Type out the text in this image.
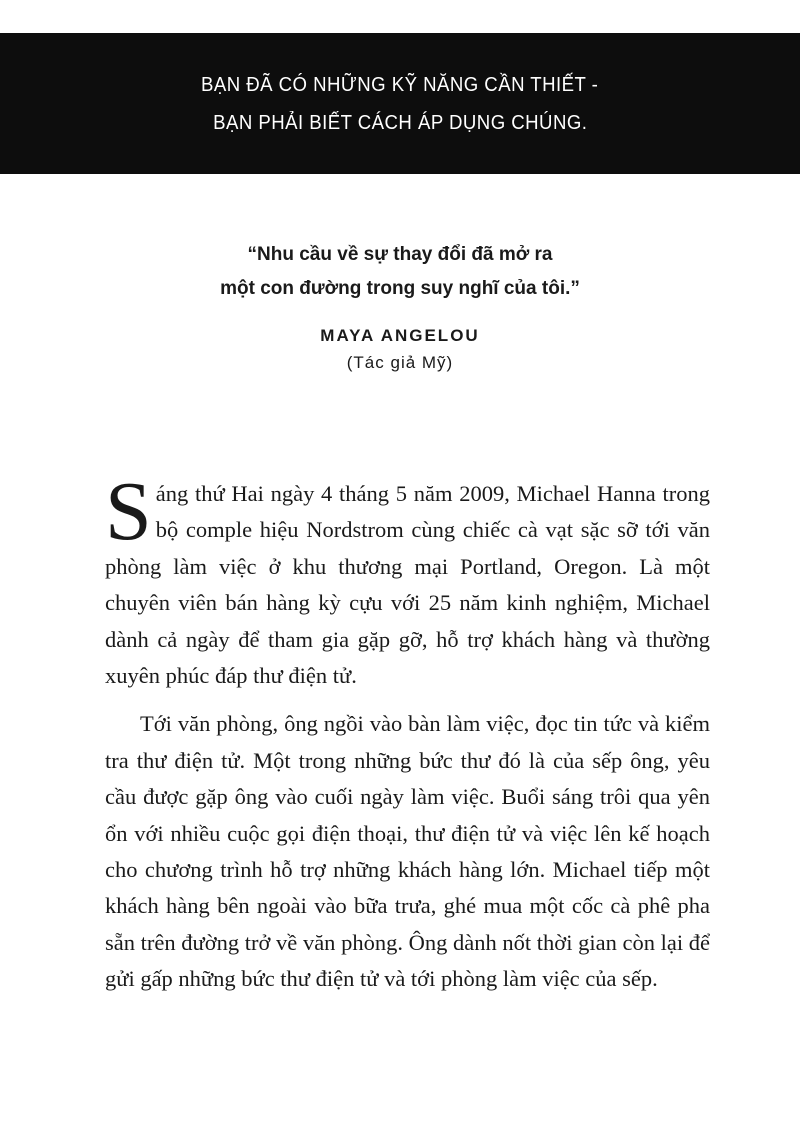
BẠN ĐÃ CÓ NHỮNG KỸ NĂNG CẦN THIẾT -
BẠN PHẢI BIẾT CÁCH ÁP DỤNG CHÚNG.
“Nhu cầu về sự thay đổi đã mở ra
một con đường trong suy nghĩ của tôi.”
MAYA ANGELOU
(Tác giả Mỹ)

Sáng thứ Hai ngày 4 tháng 5 năm 2009, Michael Hanna trong bộ comple hiệu Nordstrom cùng chiếc cà vạt sặc sỡ tới văn phòng làm việc ở khu thương mại Portland, Oregon. Là một chuyên viên bán hàng kỳ cựu với 25 năm kinh nghiệm, Michael dành cả ngày để tham gia gặp gỡ, hỗ trợ khách hàng và thường xuyên phúc đáp thư điện tử.

Tới văn phòng, ông ngồi vào bàn làm việc, đọc tin tức và kiểm tra thư điện tử. Một trong những bức thư đó là của sếp ông, yêu cầu được gặp ông vào cuối ngày làm việc. Buổi sáng trôi qua yên ổn với nhiều cuộc gọi điện thoại, thư điện tử và việc lên kế hoạch cho chương trình hỗ trợ những khách hàng lớn. Michael tiếp một khách hàng bên ngoài vào bữa trưa, ghé mua một cốc cà phê pha sẵn trên đường trở về văn phòng. Ông dành nốt thời gian còn lại để gửi gấp những bức thư điện tử và tới phòng làm việc của sếp.
